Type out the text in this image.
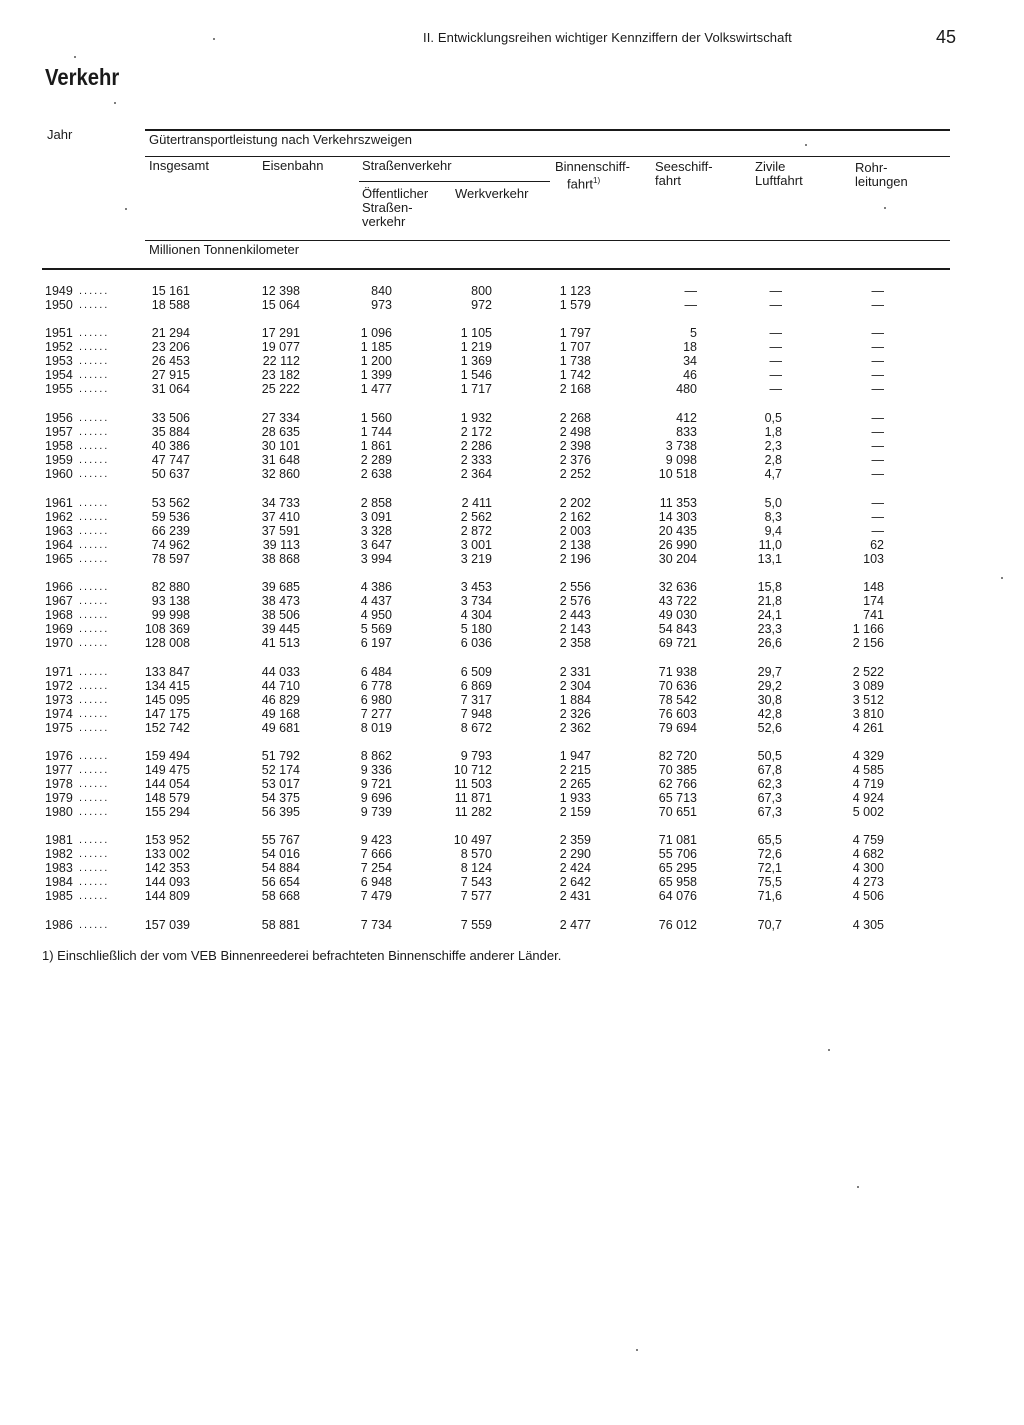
II. Entwicklungsreihen wichtiger Kennziffern der Volkswirtschaft	45
Verkehr
Jahr	Gütertransportleistung nach Verkehrszweigen
Insgesamt	Eisenbahn	Straßenverkehr
Öffentlicher
Straßen-
verkehr
Werkverkehr
Binnenschiff-
fahrt$^{1)}$
Seeschiff-
fahrt
Zivile
Luftfahrt
Rohr-
leitungen
Millionen Tonnenkilometer
1949 ......	15 161	12 398	840	800	1 123	—	—	—
1950 ......	18 588	15 064	973	972	1 579	—	—	—
1951 ......	21 294	17 291	1 096	1 105	1 797	5	—	—
1952 ......	23 206	19 077	1 185	1 219	1 707	18	—	—
1953 ......	26 453	22 112	1 200	1 369	1 738	34	—	—
1954 ......	27 915	23 182	1 399	1 546	1 742	46	—	—
1955 ......	31 064	25 222	1 477	1 717	2 168	480	—	—
1956 ......	33 506	27 334	1 560	1 932	2 268	412	0,5	—
1957 ......	35 884	28 635	1 744	2 172	2 498	833	1,8	—
1958 ......	40 386	30 101	1 861	2 286	2 398	3 738	2,3	—
1959 ......	47 747	31 648	2 289	2 333	2 376	9 098	2,8	—
1960 ......	50 637	32 860	2 638	2 364	2 252	10 518	4,7	—
1961 ......	53 562	34 733	2 858	2 411	2 202	11 353	5,0	—
1962 ......	59 536	37 410	3 091	2 562	2 162	14 303	8,3	—
1963 ......	66 239	37 591	3 328	2 872	2 003	20 435	9,4	—
1964 ......	74 962	39 113	3 647	3 001	2 138	26 990	11,0	62
1965 ......	78 597	38 868	3 994	3 219	2 196	30 204	13,1	103
1966 ......	82 880	39 685	4 386	3 453	2 556	32 636	15,8	148
1967 ......	93 138	38 473	4 437	3 734	2 576	43 722	21,8	174
1968 ......	99 998	38 506	4 950	4 304	2 443	49 030	24,1	741
1969 ......	108 369	39 445	5 569	5 180	2 143	54 843	23,3	1 166
1970 ......	128 008	41 513	6 197	6 036	2 358	69 721	26,6	2 156
1971 ......	133 847	44 033	6 484	6 509	2 331	71 938	29,7	2 522
1972 ......	134 415	44 710	6 778	6 869	2 304	70 636	29,2	3 089
1973 ......	145 095	46 829	6 980	7 317	1 884	78 542	30,8	3 512
1974 ......	147 175	49 168	7 277	7 948	2 326	76 603	42,8	3 810
1975 ......	152 742	49 681	8 019	8 672	2 362	79 694	52,6	4 261
1976 ......	159 494	51 792	8 862	9 793	1 947	82 720	50,5	4 329
1977 ......	149 475	52 174	9 336	10 712	2 215	70 385	67,8	4 585
1978 ......	144 054	53 017	9 721	11 503	2 265	62 766	62,3	4 719
1979 ......	148 579	54 375	9 696	11 871	1 933	65 713	67,3	4 924
1980 ......	155 294	56 395	9 739	11 282	2 159	70 651	67,3	5 002
1981 ......	153 952	55 767	9 423	10 497	2 359	71 081	65,5	4 759
1982 ......	133 002	54 016	7 666	8 570	2 290	55 706	72,6	4 682
1983 ......	142 353	54 884	7 254	8 124	2 424	65 295	72,1	4 300
1984 ......	144 093	56 654	6 948	7 543	2 642	65 958	75,5	4 273
1985 ......	144 809	58 668	7 479	7 577	2 431	64 076	71,6	4 506
1986 ......	157 039	58 881	7 734	7 559	2 477	76 012	70,7	4 305
1) Einschließlich der vom VEB Binnenreederei befrachteten Binnenschiffe anderer Länder.
